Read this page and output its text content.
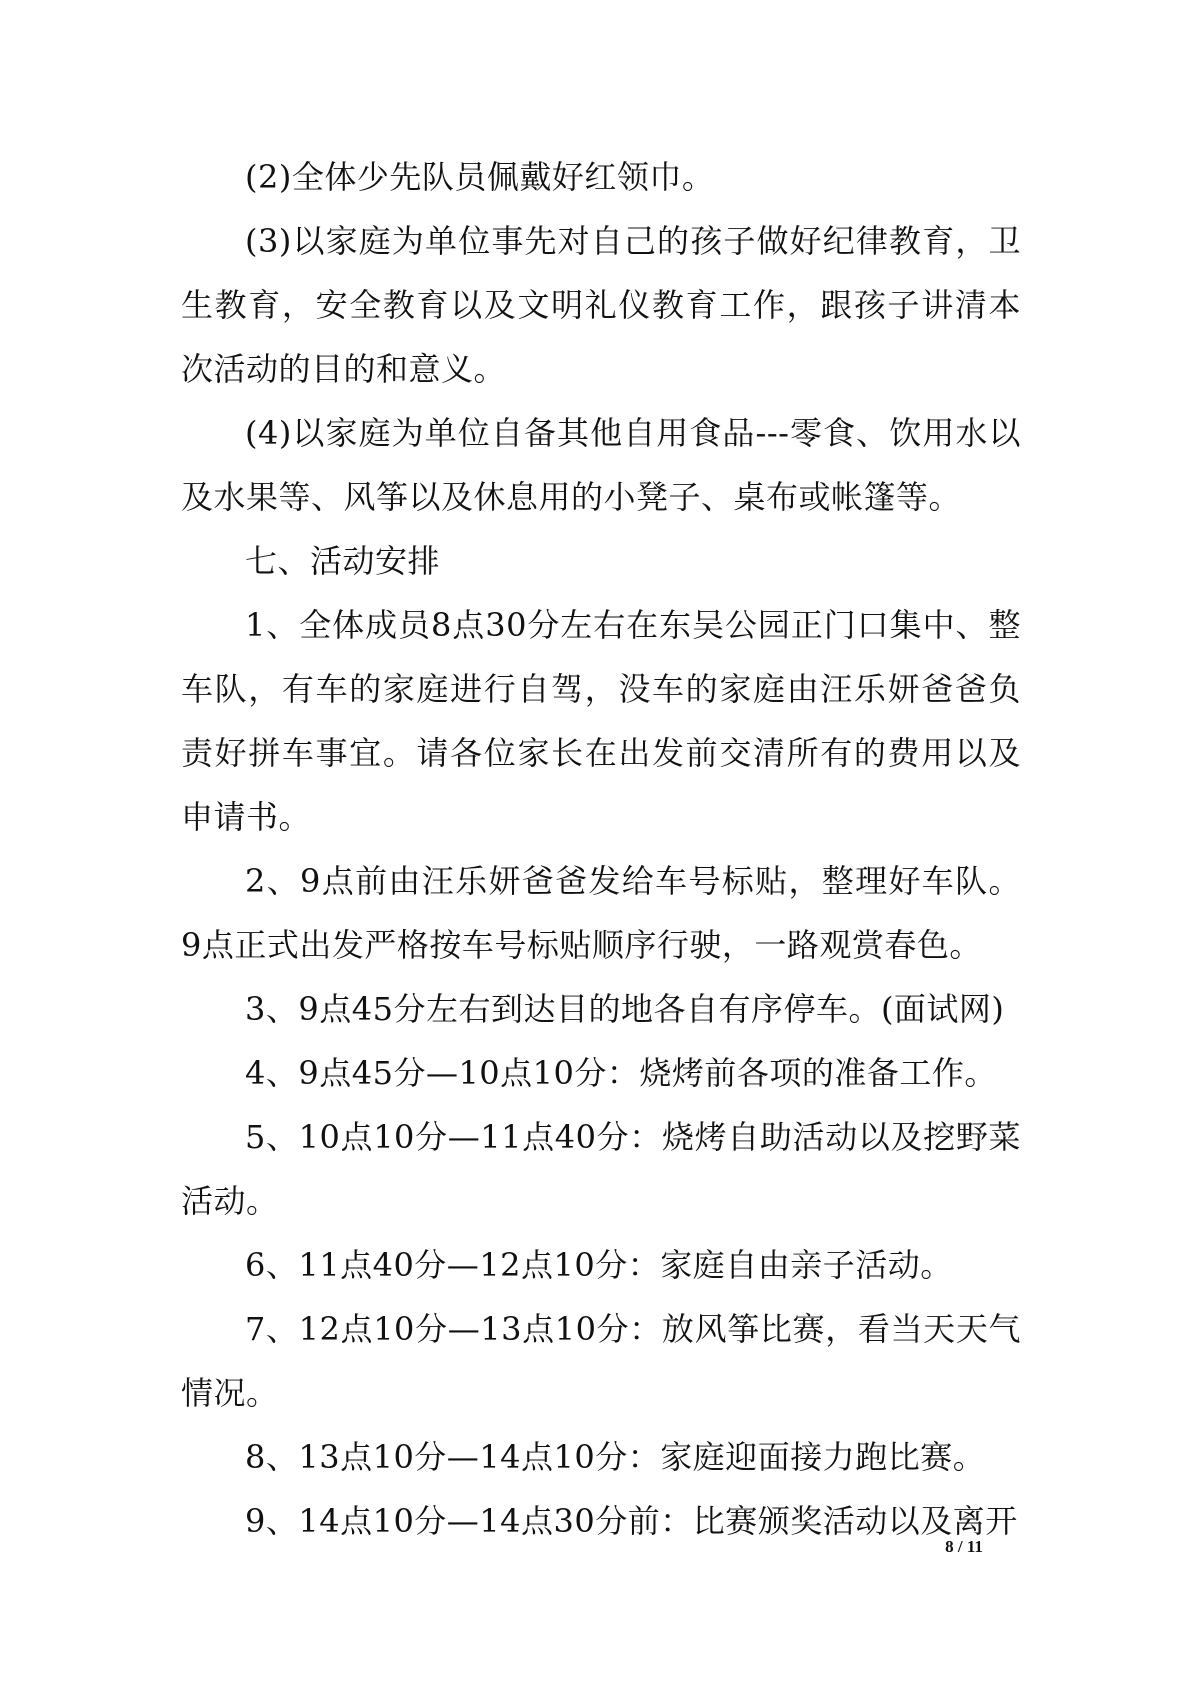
(2)全体少先队员佩戴好红领巾。

(3)以家庭为单位事先对自己的孩子做好纪律教育，卫生教育，安全教育以及文明礼仪教育工作，跟孩子讲清本次活动的目的和意义。

(4)以家庭为单位自备其他自用食品---零食、饮用水以及水果等、风筝以及休息用的小凳子、桌布或帐篷等。

七、活动安排

1、全体成员8点30分左右在东吴公园正门口集中、整车队，有车的家庭进行自驾，没车的家庭由汪乐妍爸爸负责好拼车事宜。请各位家长在出发前交清所有的费用以及申请书。

2、9点前由汪乐妍爸爸发给车号标贴，整理好车队。9点正式出发严格按车号标贴顺序行驶，一路观赏春色。

3、9点45分左右到达目的地各自有序停车。(面试网)

4、9点45分—10点10分：烧烤前各项的准备工作。

5、10点10分—11点40分：烧烤自助活动以及挖野菜活动。

6、11点40分—12点10分：家庭自由亲子活动。

7、12点10分—13点10分：放风筝比赛，看当天天气情况。

8、13点10分—14点10分：家庭迎面接力跑比赛。

9、14点10分—14点30分前：比赛颁奖活动以及离开

8 / 11
